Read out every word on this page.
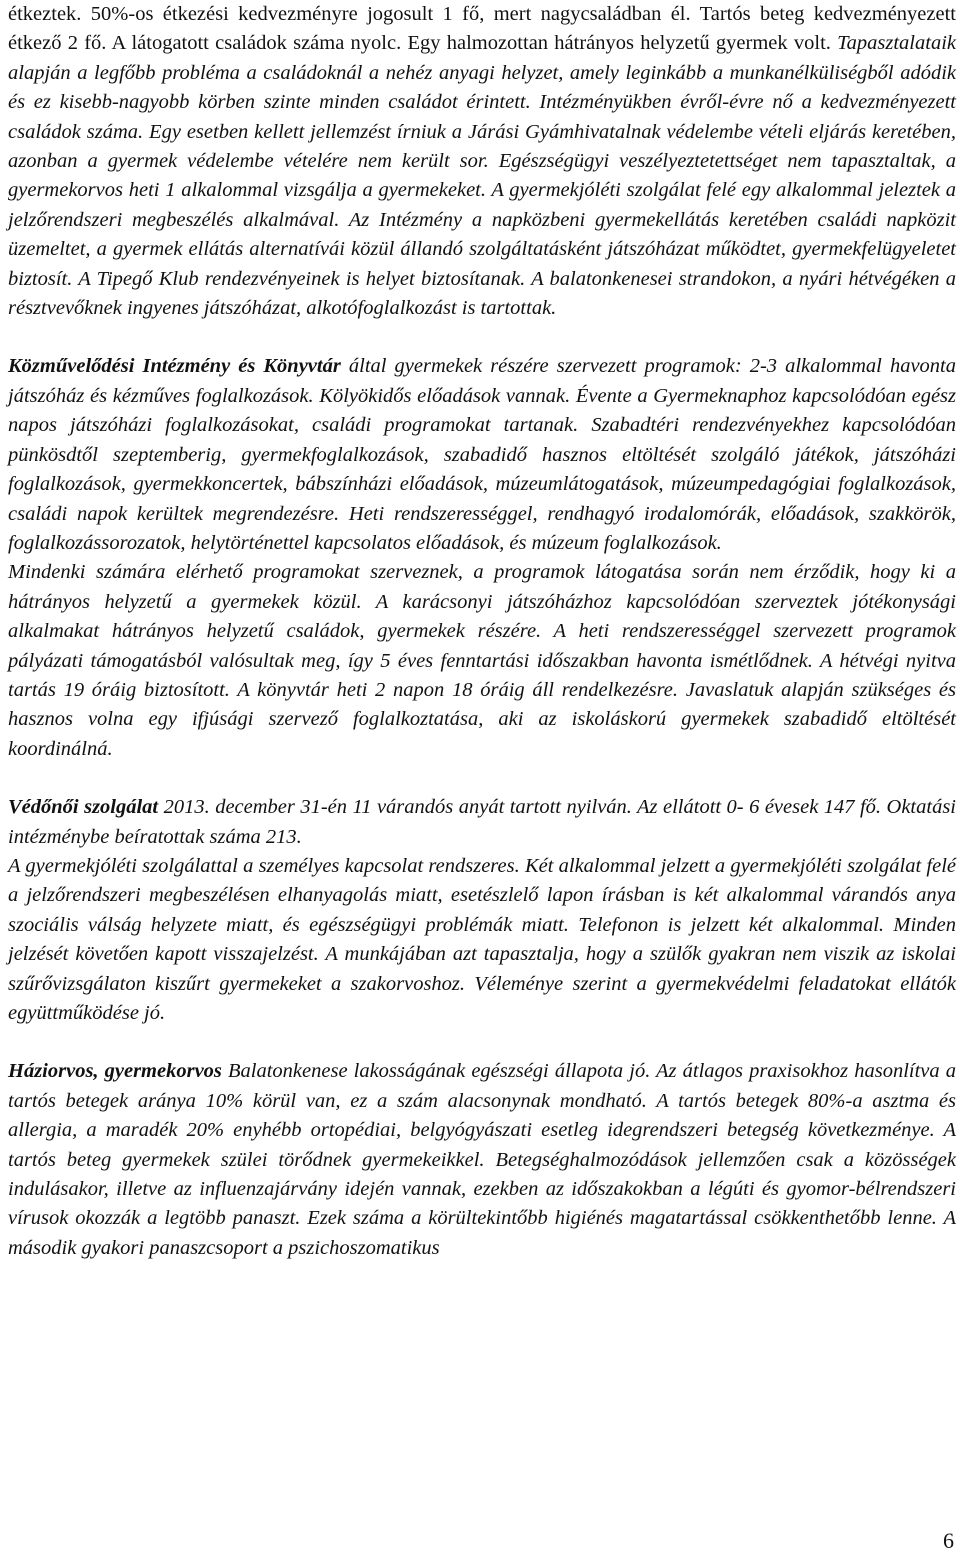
étkeztek. 50%-os étkezési kedvezményre jogosult 1 fő, mert nagycsaládban él. Tartós beteg kedvezményezett étkező 2 fő. A látogatott családok száma nyolc. Egy halmozottan hátrányos helyzetű gyermek volt. Tapasztalataik alapján a legfőbb probléma a családoknál a nehéz anyagi helyzet, amely leginkább a munkanélküliségből adódik és ez kisebb-nagyobb körben szinte minden családot érintett. Intézményükben évről-évre nő a kedvezményezett családok száma. Egy esetben kellett jellemzést írniuk a Járási Gyámhivatalnak védelembe vételi eljárás keretében, azonban a gyermek védelembe vételére nem került sor. Egészségügyi veszélyeztetettséget nem tapasztaltak, a gyermekorvos heti 1 alkalommal vizsgálja a gyermekeket. A gyermekjóléti szolgálat felé egy alkalommal jeleztek a jelzőrendszeri megbeszélés alkalmával. Az Intézmény a napközbeni gyermekellátás keretében családi napközit üzemeltet, a gyermek ellátás alternatívái közül állandó szolgáltatásként játszóházat működtet, gyermekfelügyeletet biztosít. A Tipegő Klub rendezvényeinek is helyet biztosítanak. A balatonkenesei strandokon, a nyári hétvégéken a résztvevőknek ingyenes játszóházat, alkotófoglalkozást is tartottak.

Közművelődési Intézmény és Könyvtár által gyermekek részére szervezett programok: 2-3 alkalommal havonta játszóház és kézműves foglalkozások. Kölyökidős előadások vannak. Évente a Gyermeknaphoz kapcsolódóan egész napos játszóházi foglalkozásokat, családi programokat tartanak. Szabadtéri rendezvényekhez kapcsolódóan pünkösdtől szeptemberig, gyermekfoglalkozások, szabadidő hasznos eltöltését szolgáló játékok, játszóházi foglalkozások, gyermekkoncertek, bábszínházi előadások, múzeumlátogatások, múzeumpedagógiai foglalkozások, családi napok kerültek megrendezésre. Heti rendszerességgel, rendhagyó irodalomórák, előadások, szakkörök, foglalkozássorozatok, helytörténettel kapcsolatos előadások, és múzeum foglalkozások.

Mindenki számára elérhető programokat szerveznek, a programok látogatása során nem érződik, hogy ki a hátrányos helyzetű a gyermekek közül. A karácsonyi játszóházhoz kapcsolódóan szerveztek jótékonysági alkalmakat hátrányos helyzetű családok, gyermekek részére. A heti rendszerességgel szervezett programok pályázati támogatásból valósultak meg, így 5 éves fenntartási időszakban havonta ismétlődnek. A hétvégi nyitva tartás 19 óráig biztosított. A könyvtár heti 2 napon 18 óráig áll rendelkezésre. Javaslatuk alapján szükséges és hasznos volna egy ifjúsági szervező foglalkoztatása, aki az iskoláskorú gyermekek szabadidő eltöltését koordinálná.

Védőnői szolgálat 2013. december 31-én 11 várandós anyát tartott nyilván. Az ellátott 0- 6 évesek 147 fő. Oktatási intézménybe beíratottak száma 213.

A gyermekjóléti szolgálattal a személyes kapcsolat rendszeres. Két alkalommal jelzett a gyermekjóléti szolgálat felé a jelzőrendszeri megbeszélésen elhanyagolás miatt, esetészlelő lapon írásban is két alkalommal várandós anya szociális válság helyzete miatt, és egészségügyi problémák miatt. Telefonon is jelzett két alkalommal. Minden jelzését követően kapott visszajelzést. A munkájában azt tapasztalja, hogy a szülők gyakran nem viszik az iskolai szűrővizsgálaton kiszűrt gyermekeket a szakorvoshoz. Véleménye szerint a gyermekvédelmi feladatokat ellátók együttműködése jó.

Háziorvos, gyermekorvos Balatonkenese lakosságának egészségi állapota jó. Az átlagos praxisokhoz hasonlítva a tartós betegek aránya 10% körül van, ez a szám alacsonynak mondható. A tartós betegek 80%-a asztma és allergia, a maradék 20% enyhébb ortopédiai, belgyógyászati esetleg idegrendszeri betegség következménye. A tartós beteg gyermekek szülei törődnek gyermekeikkel. Betegséghalmozódások jellemzően csak a közösségek indulásakor, illetve az influenzajárvány idején vannak, ezekben az időszakokban a légúti és gyomor-bélrendszeri vírusok okozzák a legtöbb panaszt. Ezek száma a körültekintőbb higiénés magatartással csökkenthetőbb lenne. A második gyakori panaszcsoport a pszichoszomatikus

6
